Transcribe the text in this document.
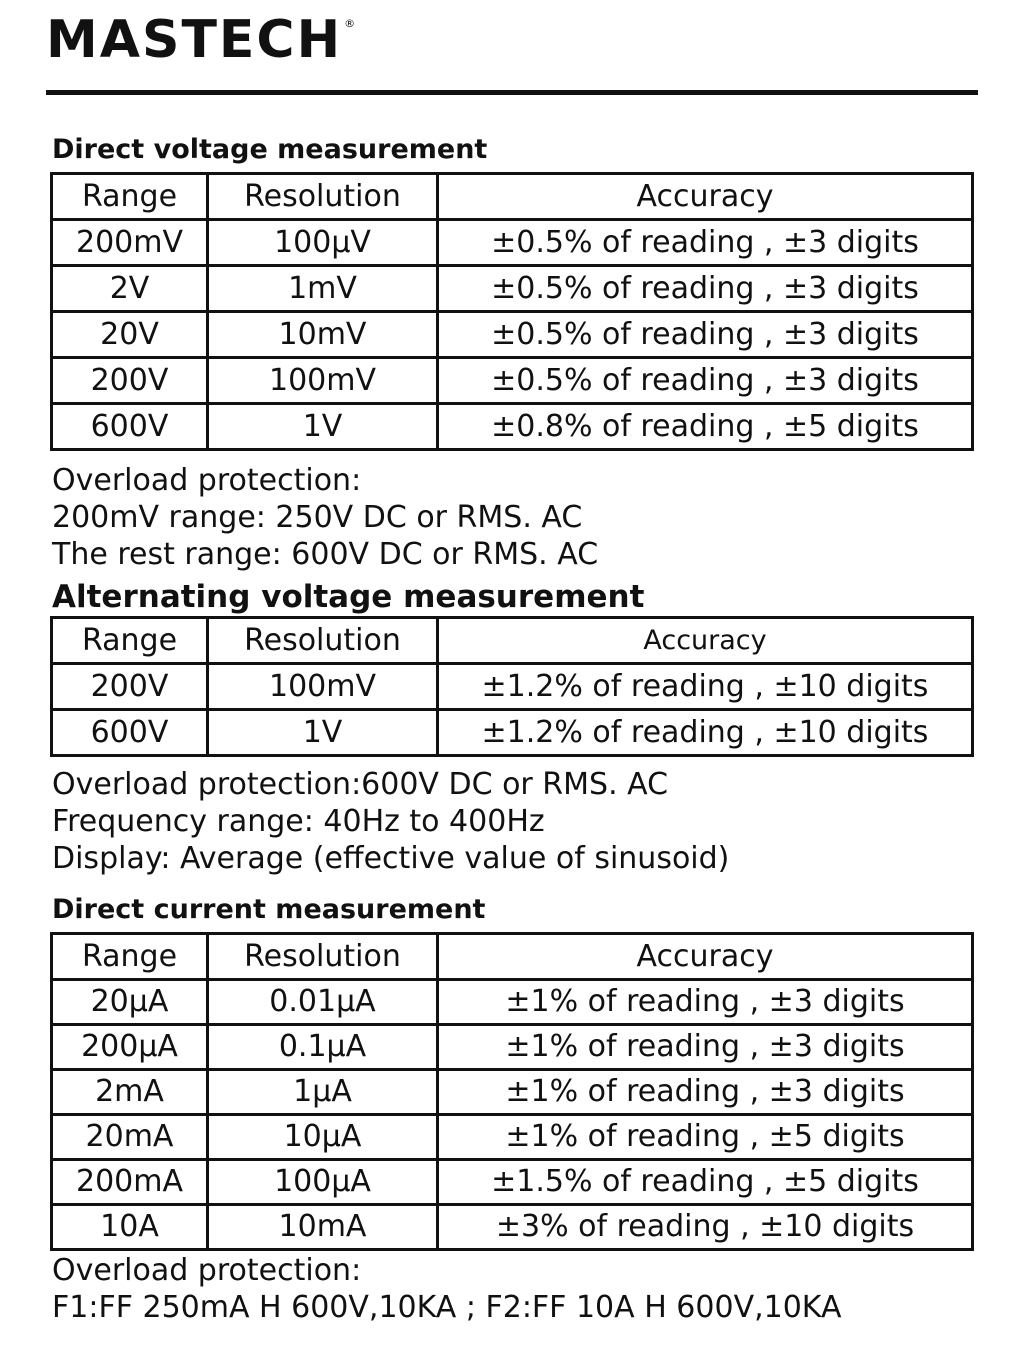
MASTECH ®
Direct voltage measurement
Range	Resolution	Accuracy
200mV	100μV	±0.5% of reading , ±3 digits
2V	1mV	±0.5% of reading , ±3 digits
20V	10mV	±0.5% of reading , ±3 digits
200V	100mV	±0.5% of reading , ±3 digits
600V	1V	±0.8% of reading , ±5 digits
Overload protection:
200mV range: 250V DC or RMS. AC
The rest range: 600V DC or RMS. AC
Alternating voltage measurement
Range	Resolution	Accuracy
200V	100mV	±1.2% of reading , ±10 digits
600V	1V	±1.2% of reading , ±10 digits
Overload protection:600V DC or RMS. AC
Frequency range: 40Hz to 400Hz
Display: Average (effective value of sinusoid)
Direct current measurement
Range	Resolution	Accuracy
20μA	0.01μA	±1% of reading , ±3 digits
200μA	0.1μA	±1% of reading , ±3 digits
2mA	1μA	±1% of reading , ±3 digits
20mA	10μA	±1% of reading , ±5 digits
200mA	100μA	±1.5% of reading , ±5 digits
10A	10mA	±3% of reading , ±10 digits
Overload protection:
F1:FF 250mA H 600V,10KA ; F2:FF 10A H 600V,10KA
